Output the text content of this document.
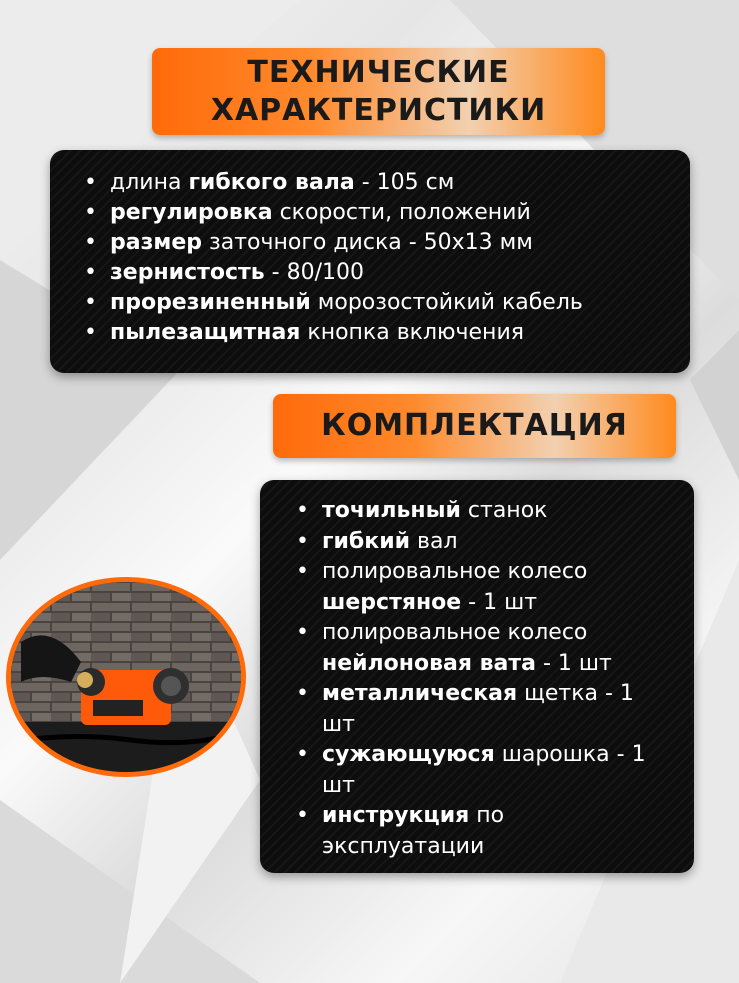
ТЕХНИЧЕСКИЕ
ХАРАКТЕРИСТИКИ
• длина гибкого вала - 105 см
• регулировка скорости, положений
• размер заточного диска - 50х13 мм
• зернистость - 80/100
• прорезиненный морозостойкий кабель
• пылезащитная кнопка включения
КОМПЛЕКТАЦИЯ
• точильный станок
• гибкий вал
• полировальное колесо шерстяное - 1 шт
• полировальное колесо нейлоновая вата - 1 шт
• металлическая щетка - 1 шт
• сужающуюся шарошка - 1 шт
• инструкция по эксплуатации
